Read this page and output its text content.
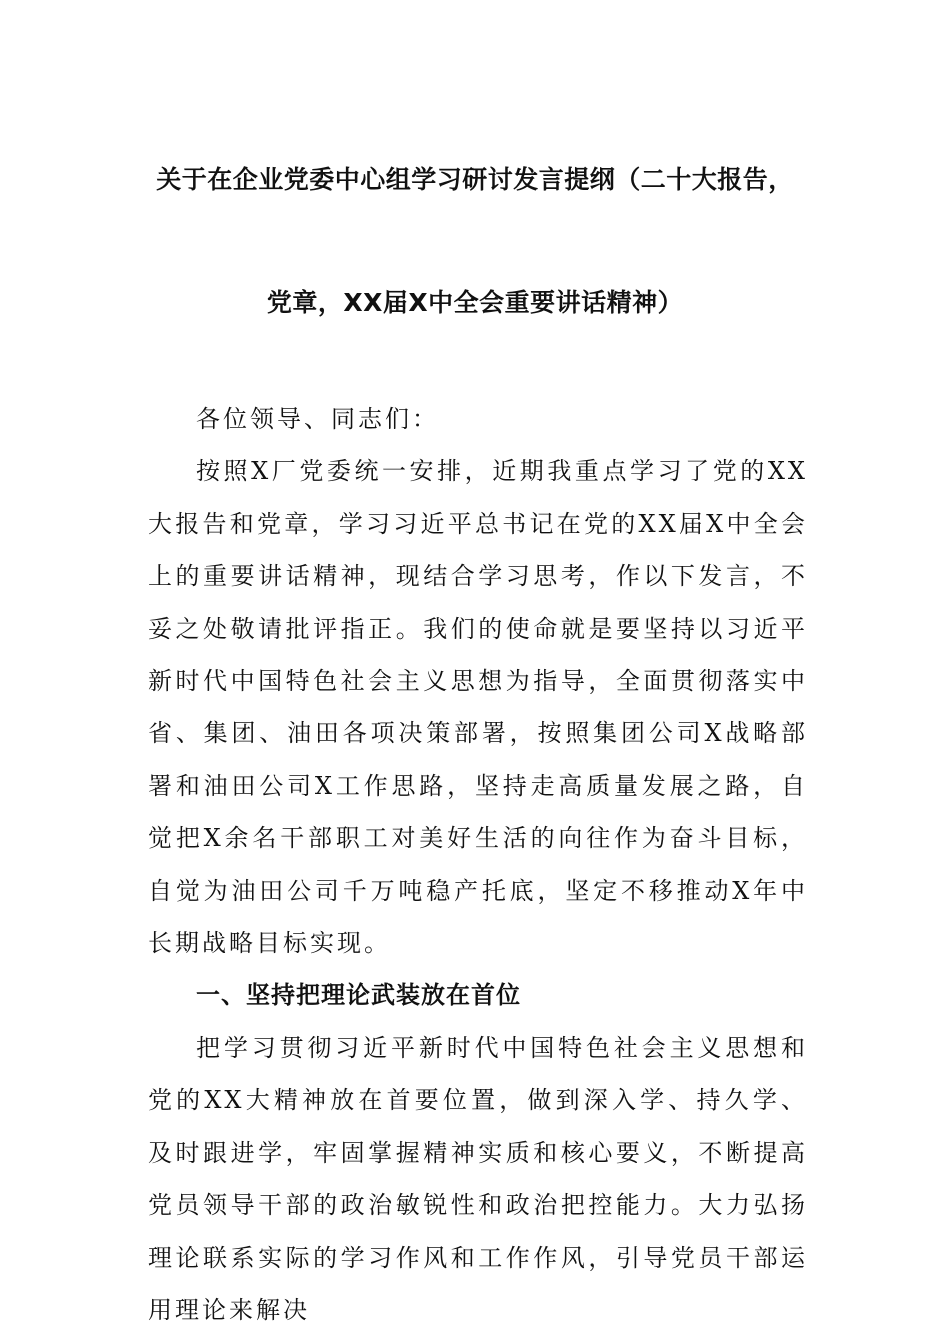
关于在企业党委中心组学习研讨发言提纲（二十大报告，
党章，XX届X中全会重要讲话精神）

各位领导、同志们：

按照X厂党委统一安排，近期我重点学习了党的XX大报告和党章，学习习近平总书记在党的XX届X中全会上的重要讲话精神，现结合学习思考，作以下发言，不妥之处敬请批评指正。我们的使命就是要坚持以习近平新时代中国特色社会主义思想为指导，全面贯彻落实中省、集团、油田各项决策部署，按照集团公司X战略部署和油田公司X工作思路，坚持走高质量发展之路，自觉把X余名干部职工对美好生活的向往作为奋斗目标，自觉为油田公司千万吨稳产托底，坚定不移推动X年中长期战略目标实现。

一、坚持把理论武装放在首位

把学习贯彻习近平新时代中国特色社会主义思想和党的XX大精神放在首要位置，做到深入学、持久学、及时跟进学，牢固掌握精神实质和核心要义，不断提高党员领导干部的政治敏锐性和政治把控能力。大力弘扬理论联系实际的学习作风和工作作风，引导党员干部运用理论来解决
